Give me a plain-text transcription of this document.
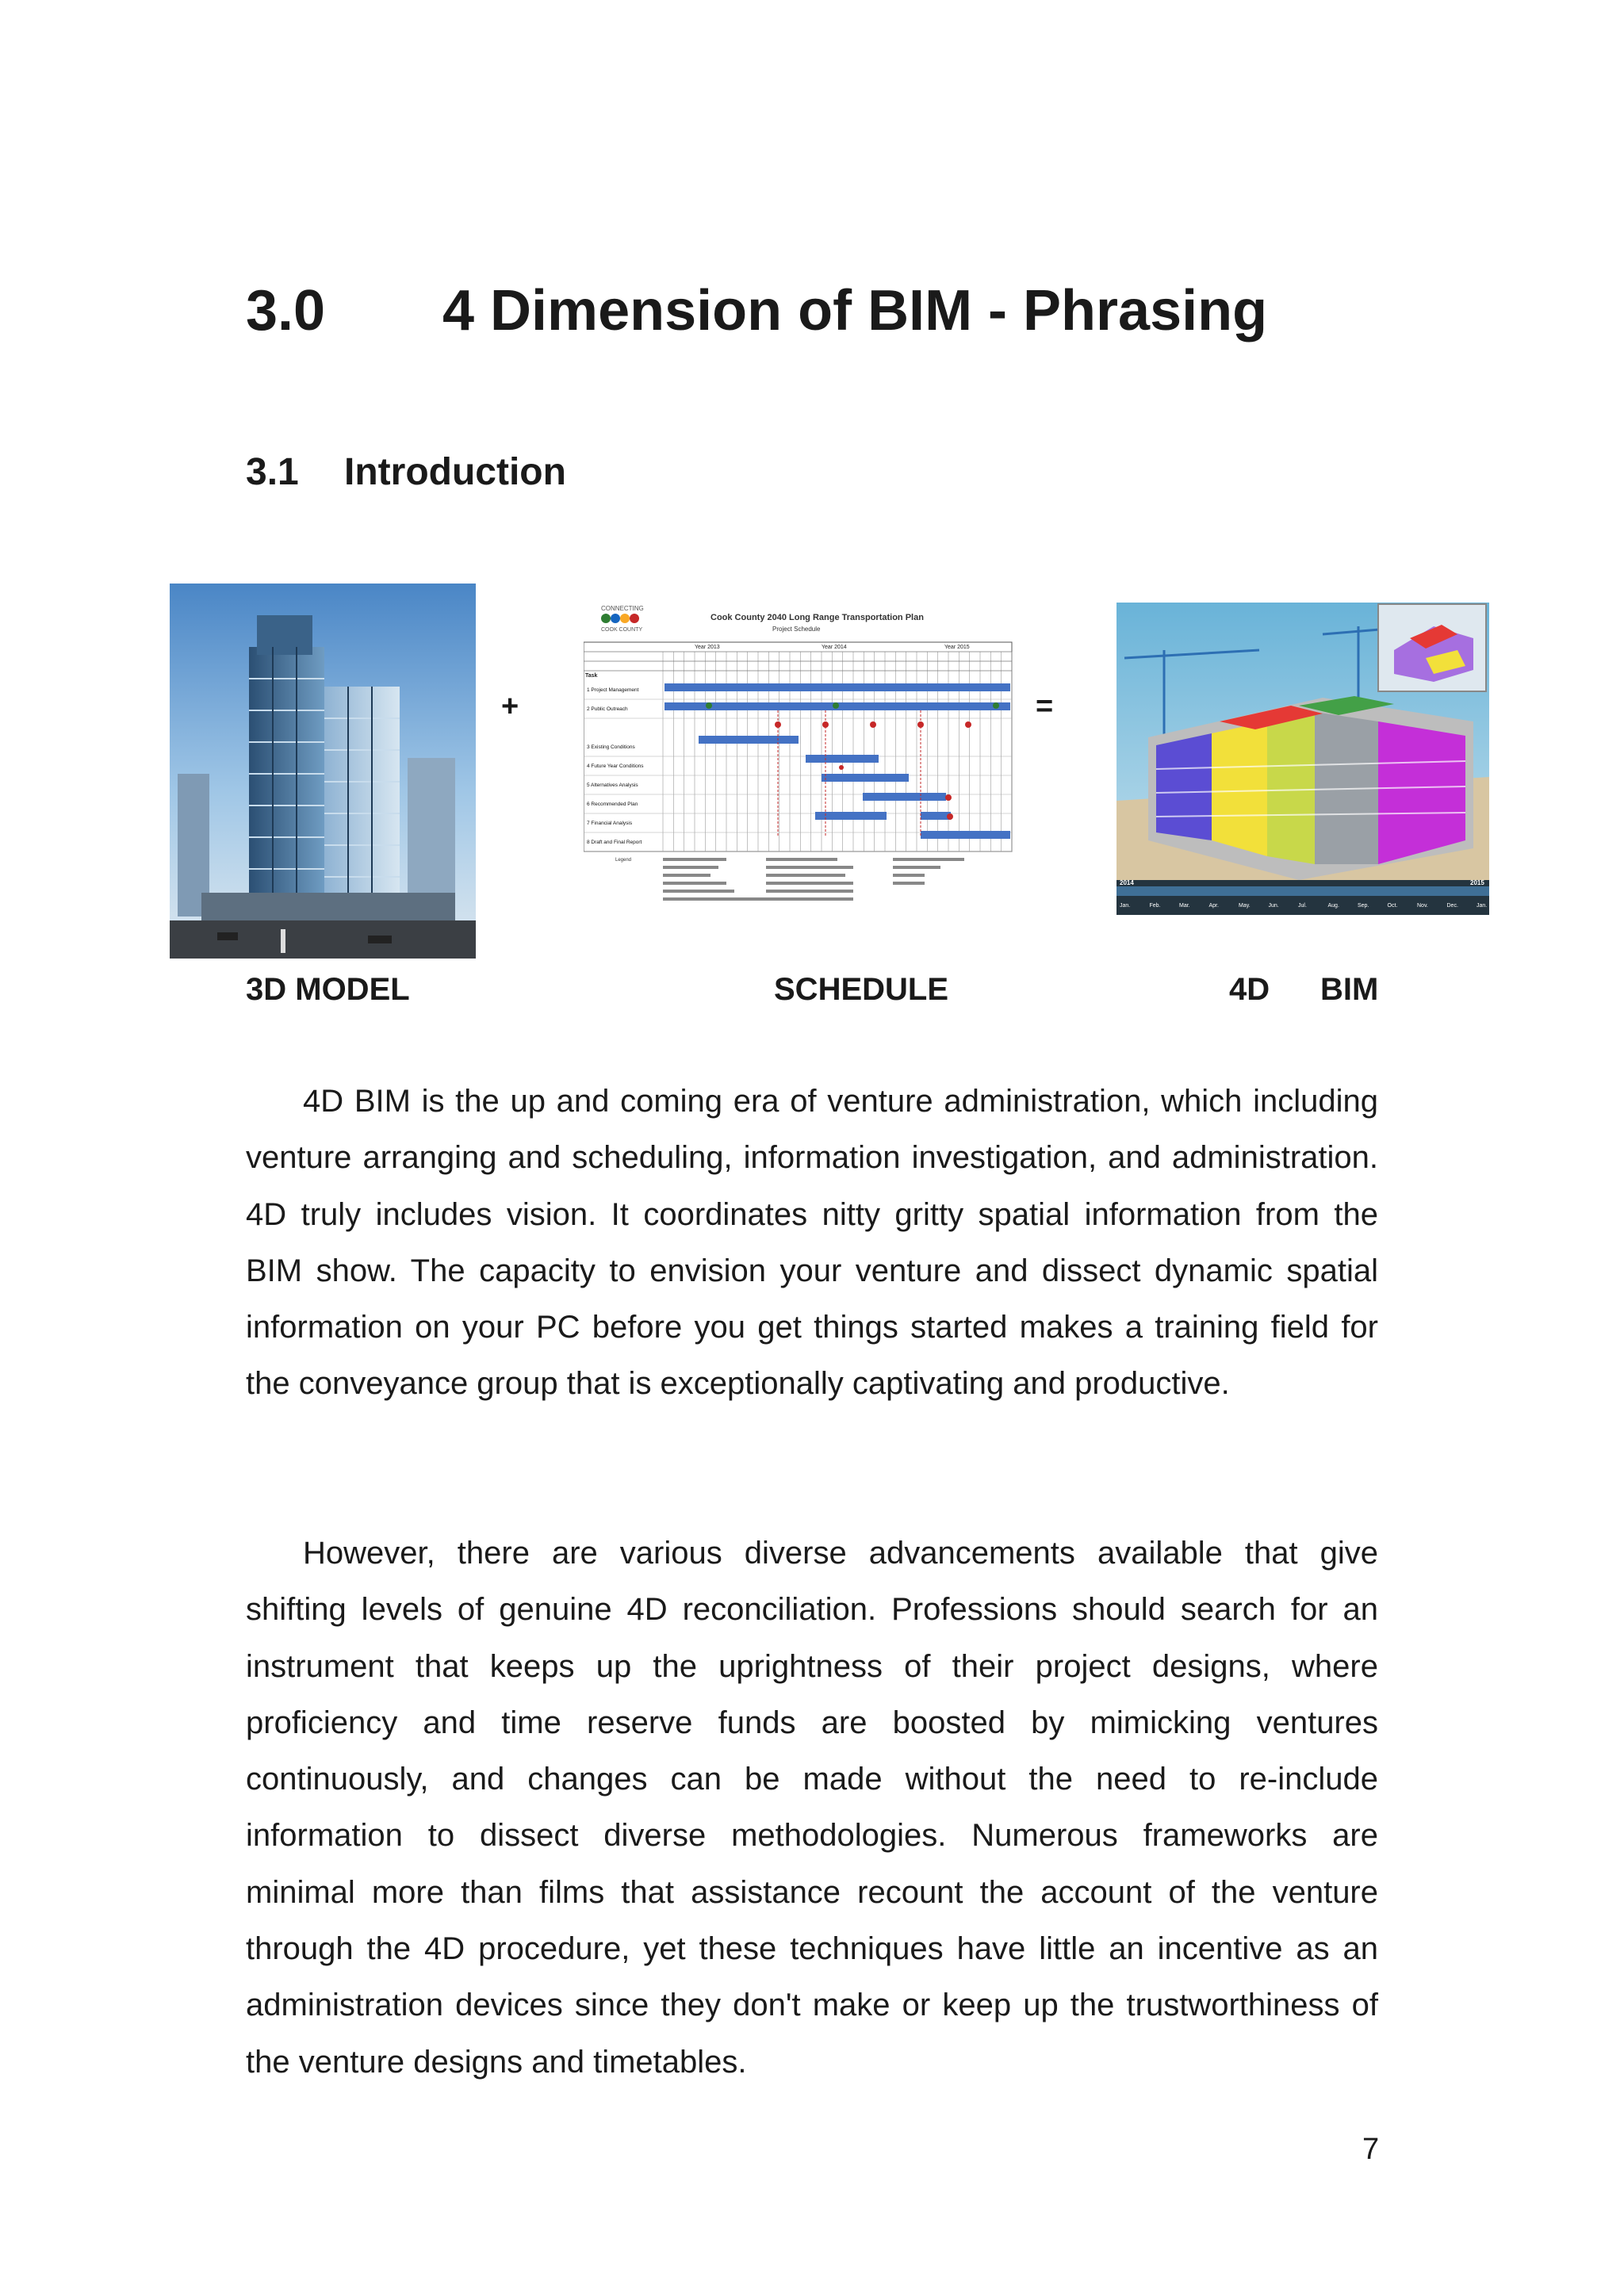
3.0 4 Dimension of BIM - Phrasing
3.1 Introduction
+
CONNECTING
COOK COUNTY
Cook County 2040 Long Range Transportation Plan
Project Schedule
Year 2013	Year 2014	Year 2015
Task
1 Project Management
2 Public Outreach
3 Existing Conditions
4 Future Year Conditions
5 Alternatives Analysis
6 Recommended Plan
7 Financial Analysis
8 Draft and Final Report
Legend
=
2014	2015
Jan.	Feb.	Mar.	Apr.	May.	Jun.	Jul.	Aug.	Sep.	Oct.	Nov.	Dec.	Jan.
3D MODEL	SCHEDULE	4D BIM

4D BIM is the up and coming era of venture administration, which including venture arranging and scheduling, information investigation, and administration. 4D truly includes vision. It coordinates nitty gritty spatial information from the BIM show. The capacity to envision your venture and dissect dynamic spatial information on your PC before you get things started makes a training field for the conveyance group that is exceptionally captivating and productive.

However, there are various diverse advancements available that give shifting levels of genuine 4D reconciliation. Professions should search for an instrument that keeps up the uprightness of their project designs, where proficiency and time reserve funds are boosted by mimicking ventures continuously, and changes can be made without the need to re-include information to dissect diverse methodologies. Numerous frameworks are minimal more than films that assistance recount the account of the venture through the 4D procedure, yet these techniques have little an incentive as an administration devices since they don't make or keep up the trustworthiness of the venture designs and timetables.

7
